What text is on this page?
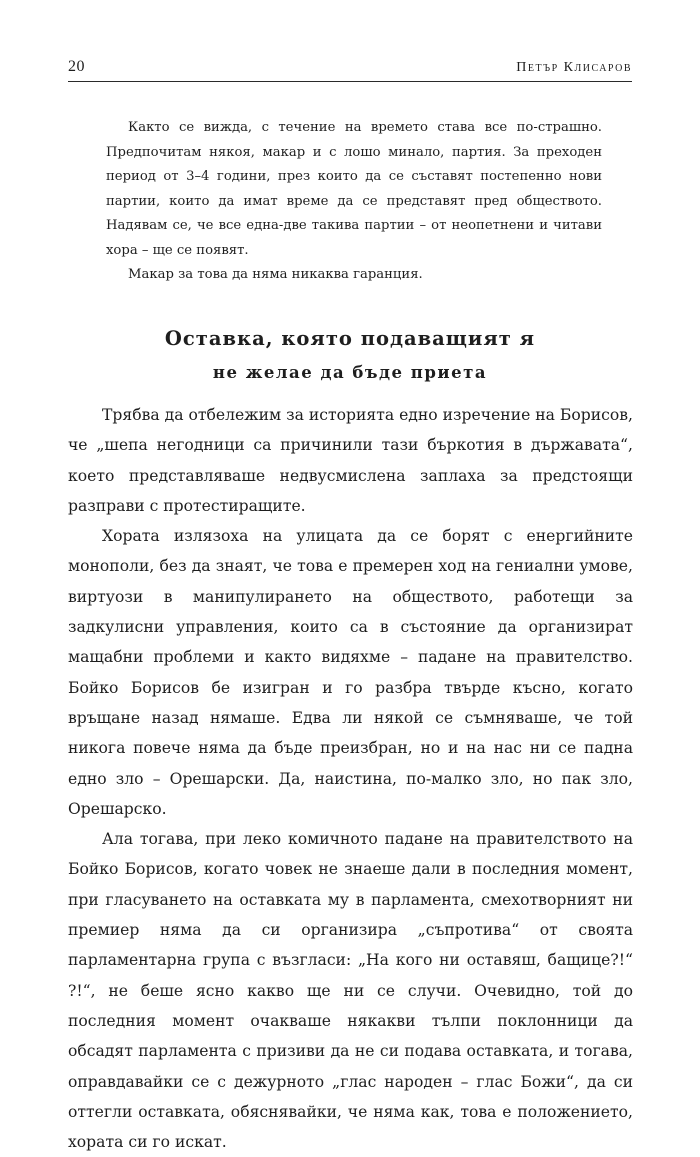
20	Петър Клисаров

Както се вижда, с течение на времето става все по-страшно. Предпочитам някоя, макар и с лошо минало, партия. За преходен период от 3–4 години, през които да се съставят постепенно нови партии, които да имат време да се представят пред обществото. Надявам се, че все една-две такива партии – от неопетнени и читави хора – ще се появят.

Макар за това да няма никаква гаранция.

Оставка, която подаващият я
не желае да бъде приета

Трябва да отбележим за историята едно изречение на Борисов, че „шепа негодници са причинили тази бъркотия в държавата“, което представляваше недвусмислена заплаха за предстоящи разправи с протестиращите.

Хората излязоха на улицата да се борят с енергийните монополи, без да знаят, че това е премерен ход на гениални умове, виртуози в манипулирането на обществото, работещи за задкулисни управления, които са в състояние да организират мащабни проблеми и както видяхме – падане на правителство. Бойко Борисов бе изигран и го разбра твърде късно, когато връщане назад нямаше. Едва ли някой се съмняваше, че той никога повече няма да бъде преизбран, но и на нас ни се падна едно зло – Орешарски. Да, наистина, по-малко зло, но пак зло, Орешарско.

Ала тогава, при леко комичното падане на правителството на Бойко Борисов, когато човек не знаеше дали в последния момент, при гласуването на оставката му в парламента, смехотворният ни премиер няма да си организира „съпротива“ от своята парламентарна група с възгласи: „На кого ни оставяш, бащице?!“ ?!“, не беше ясно какво ще ни се случи. Очевидно, той до последния момент очакваше някакви тълпи поклонници да обсадят парламента с призиви да не си подава оставката, и тогава, оправдавайки се с дежурното „глас народен – глас Божи“, да си оттегли оставката, обяснявайки, че няма как, това е положението, хората си го искат.
